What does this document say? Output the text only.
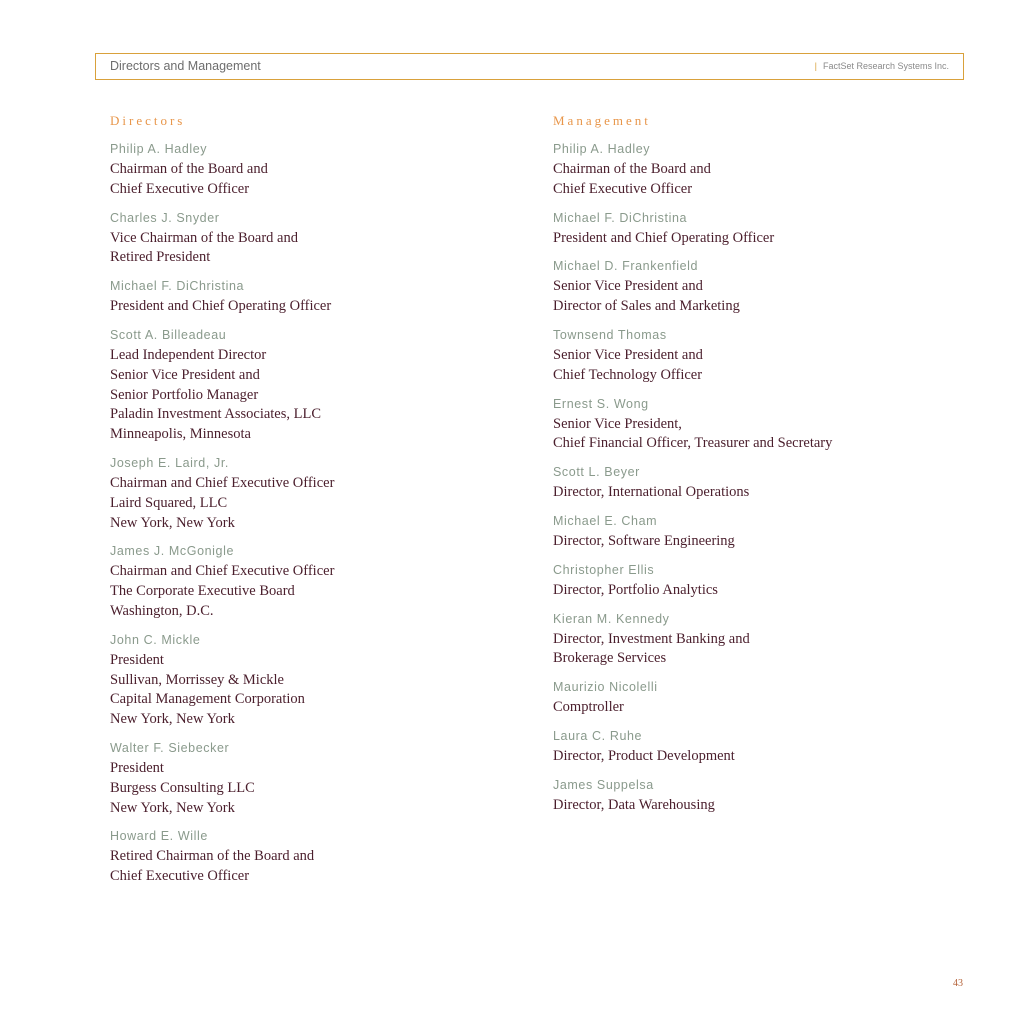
Directors and Management	| FactSet Research Systems Inc.
Directors
Philip A. Hadley
Chairman of the Board and
Chief Executive Officer
Charles J. Snyder
Vice Chairman of the Board and
Retired President
Michael F. DiChristina
President and Chief Operating Officer
Scott A. Billeadeau
Lead Independent Director
Senior Vice President and
Senior Portfolio Manager
Paladin Investment Associates, LLC
Minneapolis, Minnesota
Joseph E. Laird, Jr.
Chairman and Chief Executive Officer
Laird Squared, LLC
New York, New York
James J. McGonigle
Chairman and Chief Executive Officer
The Corporate Executive Board
Washington, D.C.
John C. Mickle
President
Sullivan, Morrissey & Mickle
Capital Management Corporation
New York, New York
Walter F. Siebecker
President
Burgess Consulting LLC
New York, New York
Howard E. Wille
Retired Chairman of the Board and
Chief Executive Officer
Management
Philip A. Hadley
Chairman of the Board and
Chief Executive Officer
Michael F. DiChristina
President and Chief Operating Officer
Michael D. Frankenfield
Senior Vice President and
Director of Sales and Marketing
Townsend Thomas
Senior Vice President and
Chief Technology Officer
Ernest S. Wong
Senior Vice President,
Chief Financial Officer, Treasurer and Secretary
Scott L. Beyer
Director, International Operations
Michael E. Cham
Director, Software Engineering
Christopher Ellis
Director, Portfolio Analytics
Kieran M. Kennedy
Director, Investment Banking and
Brokerage Services
Maurizio Nicolelli
Comptroller
Laura C. Ruhe
Director, Product Development
James Suppelsa
Director, Data Warehousing
43
